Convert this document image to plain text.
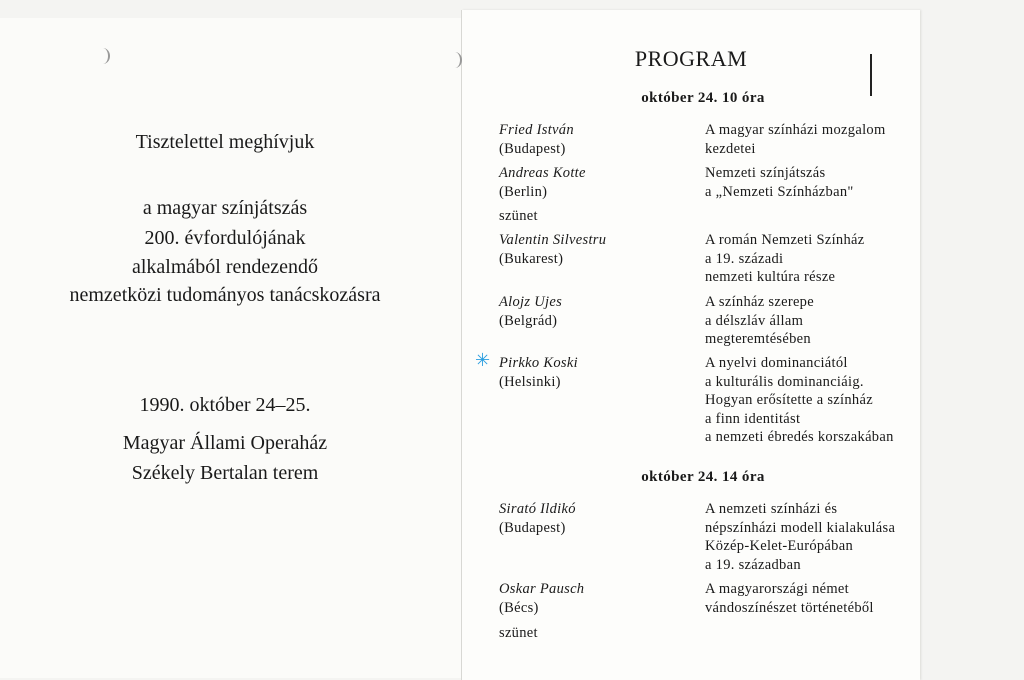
Tisztelettel meghívjuk
a magyar színjátszás
200. évfordulójának
alkalmából rendezendő
nemzetközi tudományos tanácskozásra
1990. október 24–25.
Magyar Állami Operaház
Székely Bertalan terem
PROGRAM
október 24. 10 óra
október 24. 14 óra
Fried István
(Budapest)
A magyar színházi mozgalom
kezdetei
Andreas Kotte
(Berlin)
Nemzeti színjátszás
a „Nemzeti Színházban"
szünet
Valentin Silvestru
(Bukarest)
A román Nemzeti Színház
a 19. századi
nemzeti kultúra része
Alojz Ujes
(Belgrád)
A színház szerepe
a délszláv állam
megteremtésében
✳ Pirkko Koski
(Helsinki)
A nyelvi dominanciától
a kulturális dominanciáig.
Hogyan erősítette a színház
a finn identitást
a nemzeti ébredés korszakában
Sirató Ildikó
(Budapest)
A nemzeti színházi és
népszínházi modell kialakulása
Közép-Kelet-Európában
a 19. században
Oskar Pausch
(Bécs)
A magyarországi német
vándoszínészet történetéből
szünet
